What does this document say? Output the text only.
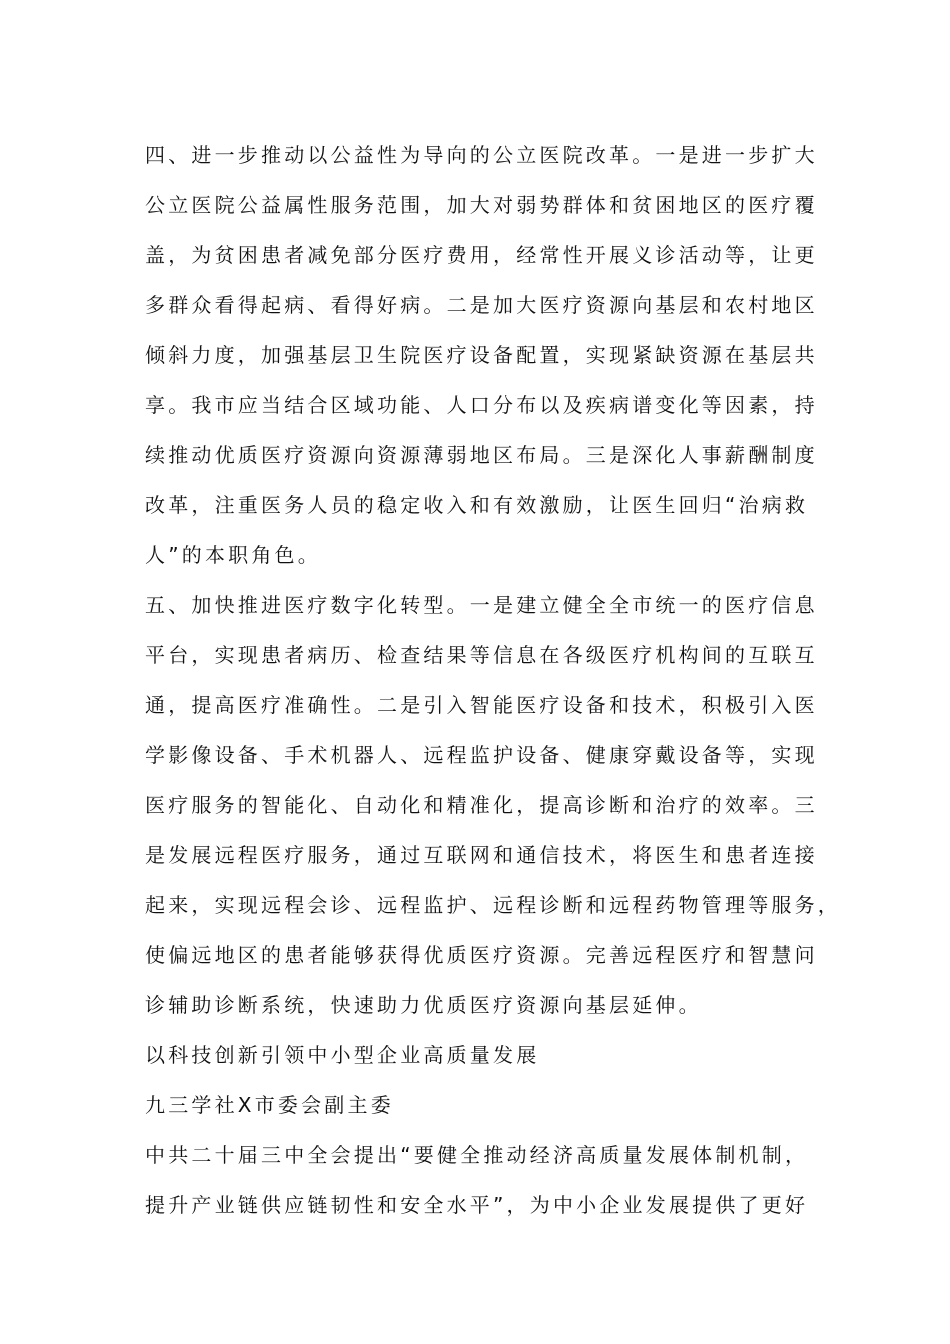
四、进一步推动以公益性为导向的公立医院改革。一是进一步扩大
公立医院公益属性服务范围，加大对弱势群体和贫困地区的医疗覆
盖，为贫困患者减免部分医疗费用，经常性开展义诊活动等，让更
多群众看得起病、看得好病。二是加大医疗资源向基层和农村地区
倾斜力度，加强基层卫生院医疗设备配置，实现紧缺资源在基层共
享。我市应当结合区域功能、人口分布以及疾病谱变化等因素，持
续推动优质医疗资源向资源薄弱地区布局。三是深化人事薪酬制度
改革，注重医务人员的稳定收入和有效激励，让医生回归“治病救
人”的本职角色。
五、加快推进医疗数字化转型。一是建立健全全市统一的医疗信息
平台，实现患者病历、检查结果等信息在各级医疗机构间的互联互
通，提高医疗准确性。二是引入智能医疗设备和技术，积极引入医
学影像设备、手术机器人、远程监护设备、健康穿戴设备等，实现
医疗服务的智能化、自动化和精准化，提高诊断和治疗的效率。三
是发展远程医疗服务，通过互联网和通信技术，将医生和患者连接
起来，实现远程会诊、远程监护、远程诊断和远程药物管理等服务，
使偏远地区的患者能够获得优质医疗资源。完善远程医疗和智慧问
诊辅助诊断系统，快速助力优质医疗资源向基层延伸。
以科技创新引领中小型企业高质量发展
九三学社X市委会副主委
中共二十届三中全会提出“要健全推动经济高质量发展体制机制，
提升产业链供应链韧性和安全水平”，为中小企业发展提供了更好
